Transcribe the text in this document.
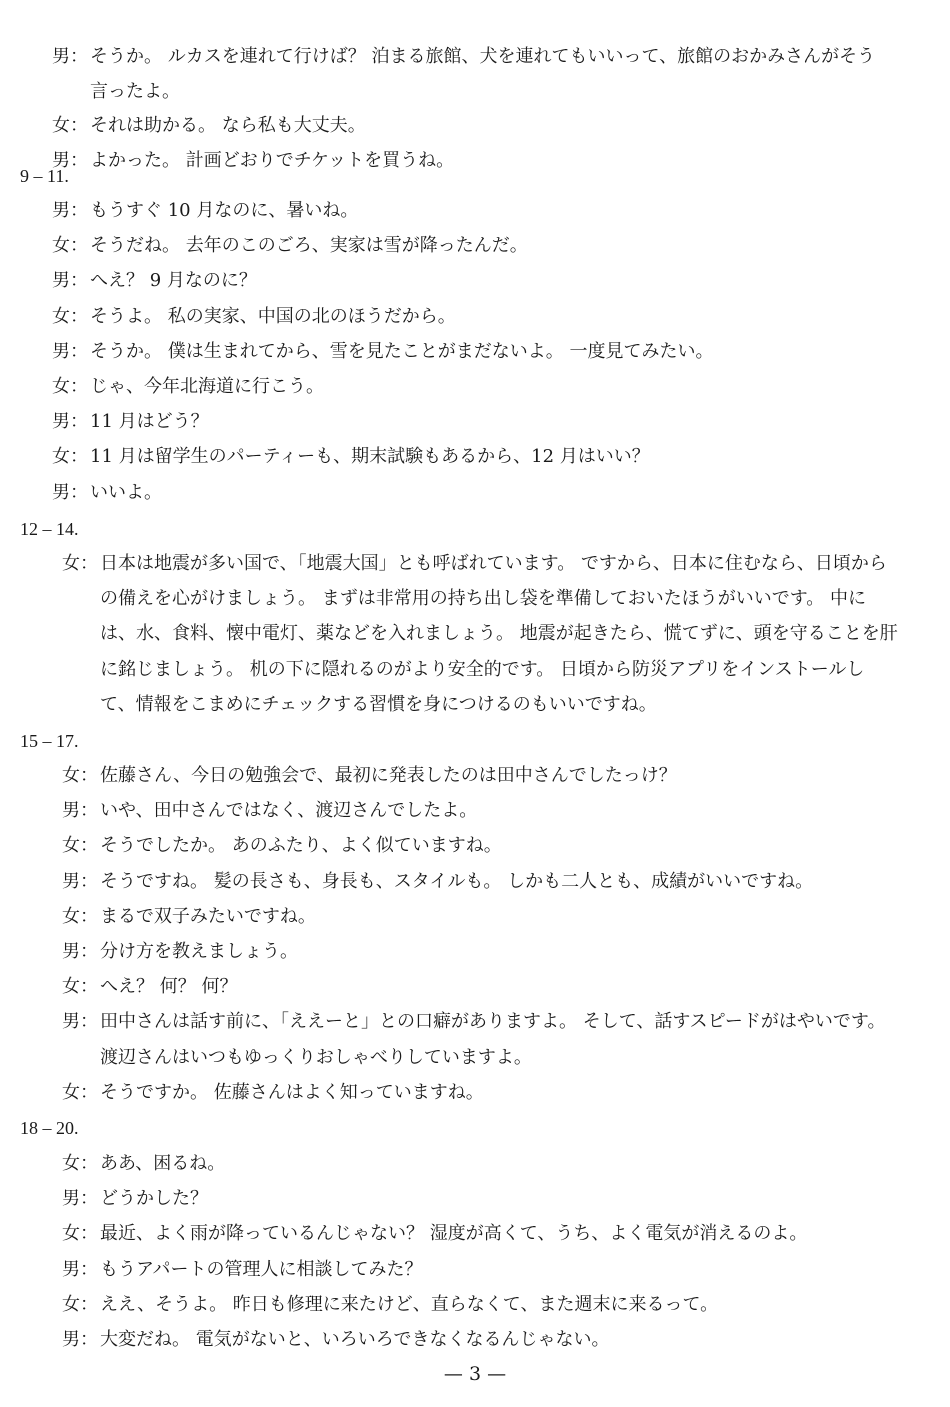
男： そうか。 ルカスを連れて行けば？ 泊まる旅館、犬を連れてもいいって、旅館のおかみさんがそう
言ったよ。
女： それは助かる。 なら私も大丈夫。
男： よかった。 計画どおりでチケットを買うね。
9 – 11.
男： もうすぐ 10 月なのに、暑いね。
女： そうだね。 去年のこのごろ、実家は雪が降ったんだ。
男： へえ？ 9 月なのに？
女： そうよ。 私の実家、中国の北のほうだから。
男： そうか。 僕は生まれてから、雪を見たことがまだないよ。 一度見てみたい。
女： じゃ、今年北海道に行こう。
男： 11 月はどう？
女： 11 月は留学生のパーティーも、期末試験もあるから、12 月はいい？
男： いいよ。
12 – 14.
女： 日本は地震が多い国で、「地震大国」とも呼ばれています。 ですから、日本に住むなら、日頃から
の備えを心がけましょう。 まずは非常用の持ち出し袋を準備しておいたほうがいいです。 中に
は、水、食料、懐中電灯、薬などを入れましょう。 地震が起きたら、慌てずに、頭を守ることを肝
に銘じましょう。 机の下に隠れるのがより安全的です。 日頃から防災アプリをインストールし
て、情報をこまめにチェックする習慣を身につけるのもいいですね。
15 – 17.
女： 佐藤さん、今日の勉強会で、最初に発表したのは田中さんでしたっけ？
男： いや、田中さんではなく、渡辺さんでしたよ。
女： そうでしたか。 あのふたり、よく似ていますね。
男： そうですね。 髪の長さも、身長も、スタイルも。 しかも二人とも、成績がいいですね。
女： まるで双子みたいですね。
男： 分け方を教えましょう。
女： へえ？ 何？ 何？
男： 田中さんは話す前に、「ええーと」との口癖がありますよ。 そして、話すスピードがはやいです。
渡辺さんはいつもゆっくりおしゃべりしていますよ。
女： そうですか。 佐藤さんはよく知っていますね。
18 – 20.
女： ああ、困るね。
男： どうかした？
女： 最近、よく雨が降っているんじゃない？ 湿度が高くて、うち、よく電気が消えるのよ。
男： もうアパートの管理人に相談してみた？
女： ええ、そうよ。 昨日も修理に来たけど、直らなくて、また週末に来るって。
男： 大変だね。 電気がないと、いろいろできなくなるんじゃない。
— 3 —
